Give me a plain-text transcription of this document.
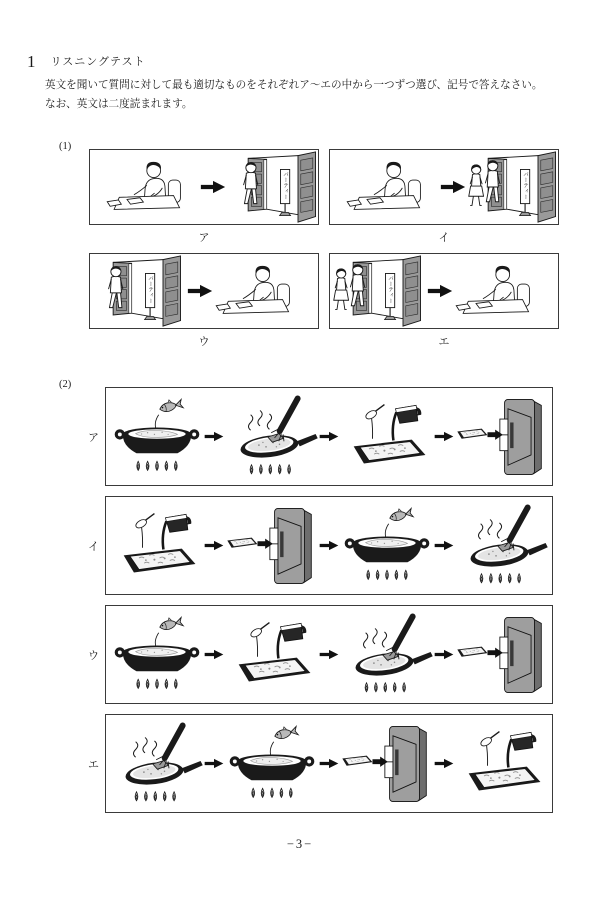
1 リスニングテスト
英文を聞いて質問に対して最も適切なものをそれぞれア〜エの中から一つずつ選び、記号で答えなさい。
なお、英文は二度読まれます。
(1)
ア	イ
ウ	エ
(2)
ア
イ
ウ
エ
−3−
